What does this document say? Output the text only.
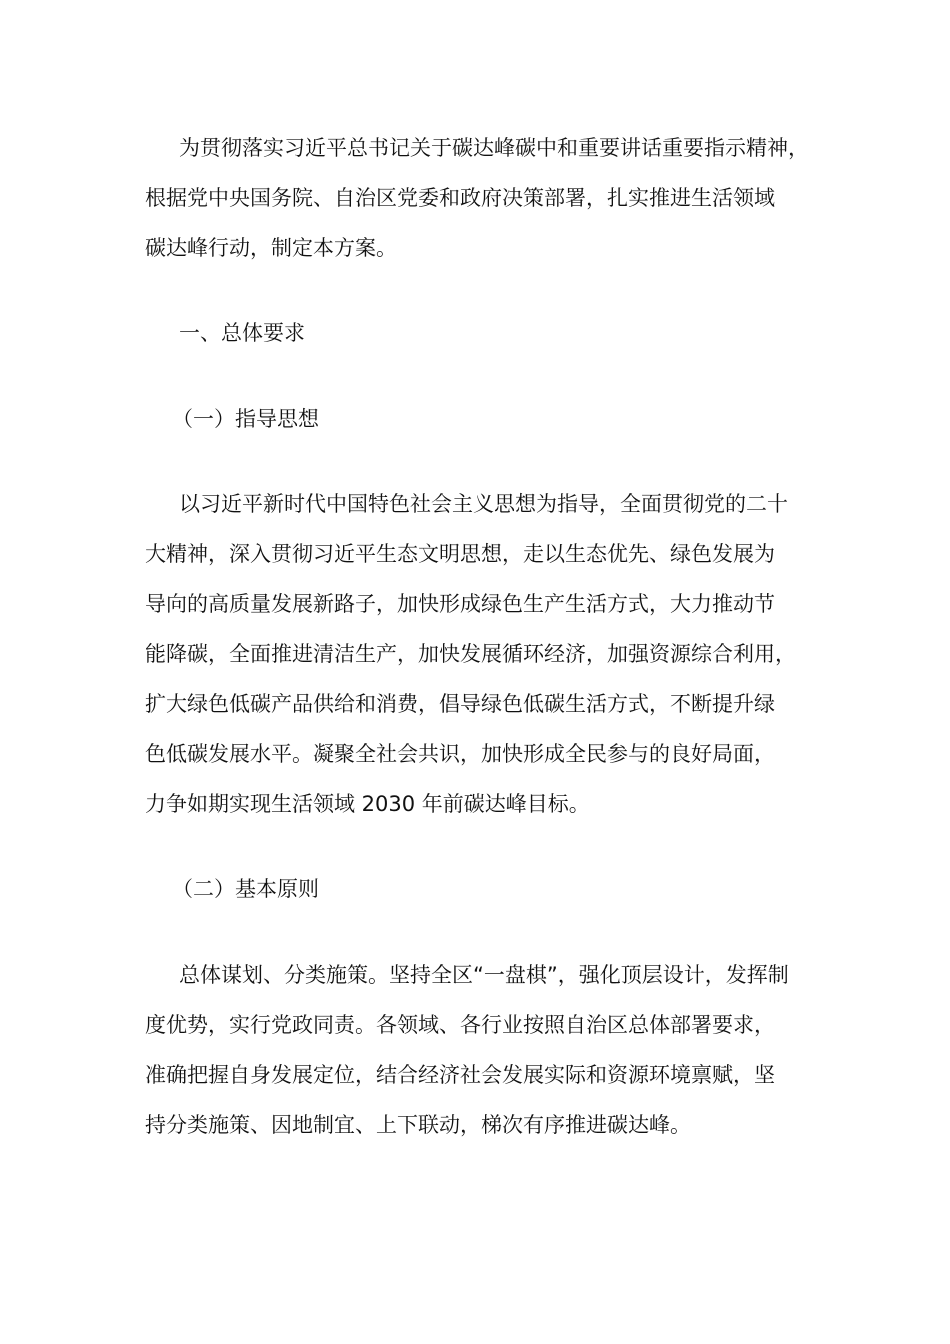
为贯彻落实习近平总书记关于碳达峰碳中和重要讲话重要指示精神，
根据党中央国务院、自治区党委和政府决策部署，扎实推进生活领域
碳达峰行动，制定本方案。
一、总体要求
（一）指导思想
以习近平新时代中国特色社会主义思想为指导，全面贯彻党的二十
大精神，深入贯彻习近平生态文明思想，走以生态优先、绿色发展为
导向的高质量发展新路子，加快形成绿色生产生活方式，大力推动节
能降碳，全面推进清洁生产，加快发展循环经济，加强资源综合利用，
扩大绿色低碳产品供给和消费，倡导绿色低碳生活方式，不断提升绿
色低碳发展水平。凝聚全社会共识，加快形成全民参与的良好局面，
力争如期实现生活领域 2030 年前碳达峰目标。
（二）基本原则
总体谋划、分类施策。坚持全区“一盘棋”，强化顶层设计，发挥制
度优势，实行党政同责。各领域、各行业按照自治区总体部署要求，
准确把握自身发展定位，结合经济社会发展实际和资源环境禀赋，坚
持分类施策、因地制宜、上下联动，梯次有序推进碳达峰。
